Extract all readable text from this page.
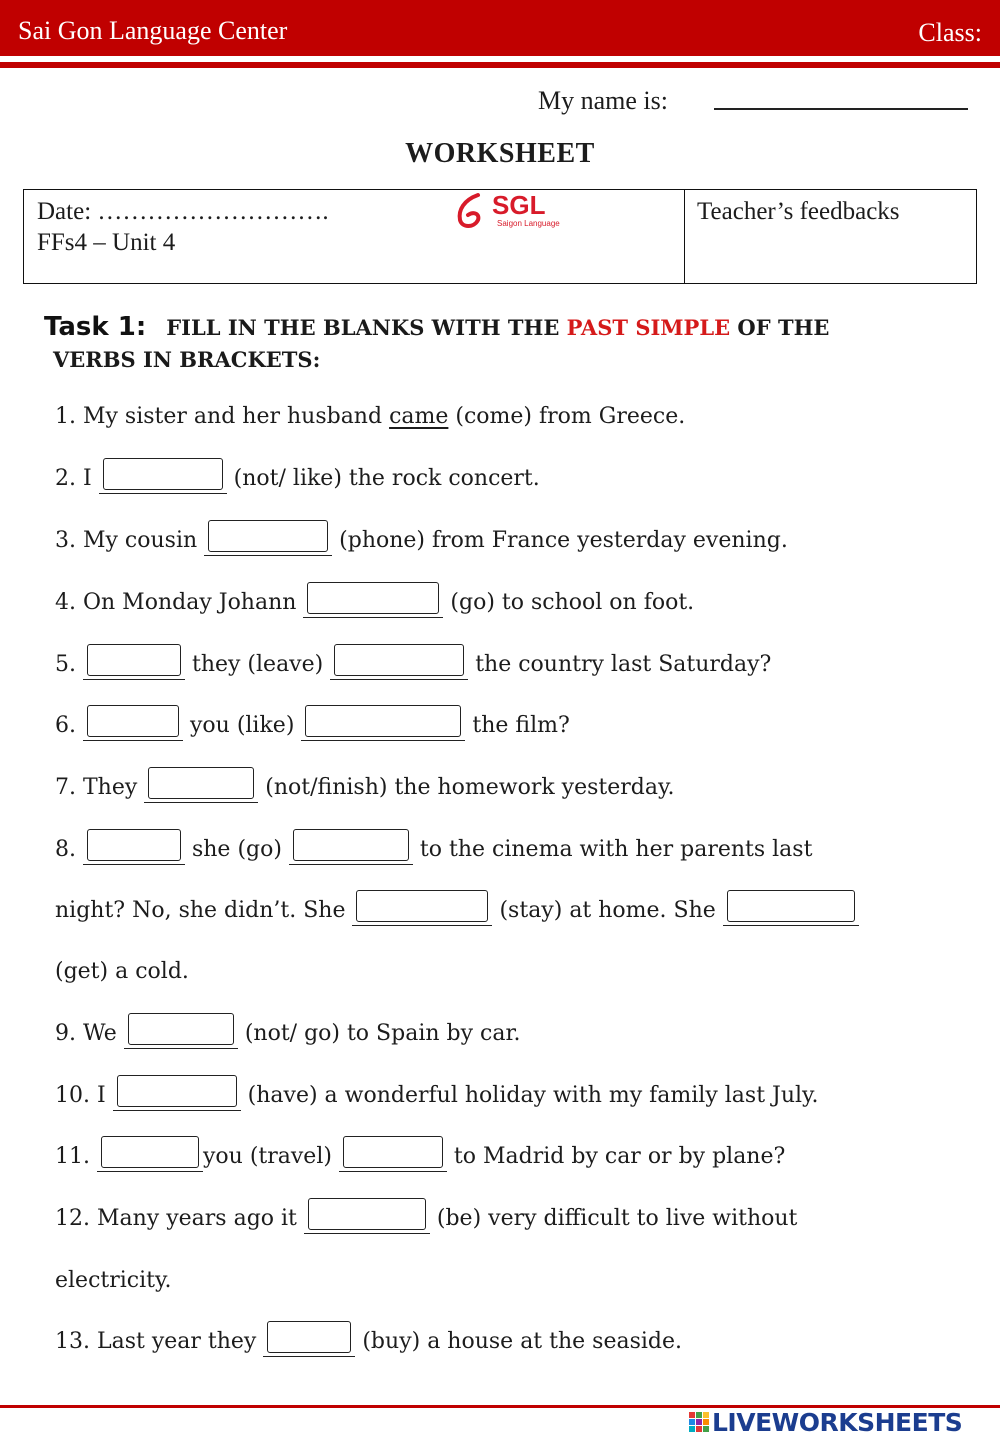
Sai Gon Language Center	Class:
My name is:
WORKSHEET
Date: ……………………….
FFs4 – Unit 4
SGL
Saigon Language	Teacher’s feedbacks
Task 1: FILL IN THE BLANKS WITH THE PAST SIMPLE OF THE
VERBS IN BRACKETS:
1. My sister and her husband came (come) from Greece.
2. I	(not/ like) the rock concert.
3. My cousin	(phone) from France yesterday evening.
4. On Monday Johann	(go) to school on foot.
5.	they (leave)	the country last Saturday?
6.	you (like)	the film?
7. They	(not/finish) the homework yesterday.
8.	she (go)	to the cinema with her parents last
night? No, she didn’t. She	(stay) at home. She
(get) a cold.
9. We	(not/ go) to Spain by car.
10. I	(have) a wonderful holiday with my family last July.
11.	you (travel)	to Madrid by car or by plane?
12. Many years ago it	(be) very difficult to live without
electricity.
13. Last year they	(buy) a house at the seaside.
LIVEWORKSHEETS
